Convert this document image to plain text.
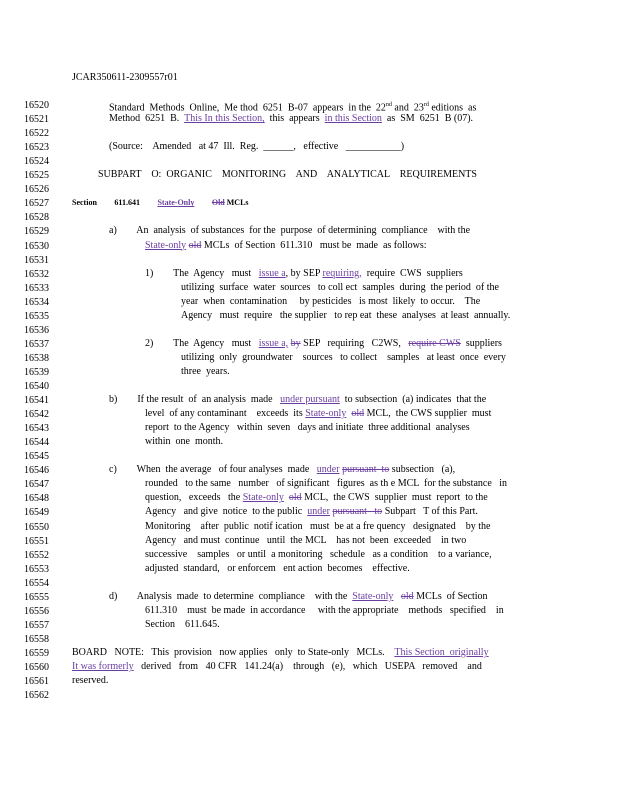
JCAR350611-2309557r01
16520
16521
16522
16523
16524
16525
16526
16527
16528
16529
16530
16531
16532
16533
16534
16535
16536
16537
16538
16539
16540
16541
16542
16543
16544
16545
16546
16547
16548
16549
16550
16551
16552
16553
16554
16555
16556
16557
16558
16559
16560
16561
16562
Standard  Methods  Online,  Me thod  6251  B-07  appears  in the  22nd and  23rd editions  as
Method  6251  B.  This In this Section,  this  appears  in this Section  as  SM  6251  B (07).
(Source:    Amended   at 47  Ill.  Reg.  ______,   effective   ___________)
SUBPART    O:  ORGANIC    MONITORING    AND    ANALYTICAL    REQUIREMENTS
Section 611.641 State-Only Old MCLs
a)        An  analysis  of substances  for the  purpose  of determining  compliance    with the
State-only old MCLs  of Section  611.310   must be  made  as follows:
1)        The  Agency   must   issue a, by SEP requiring,  require  CWS  suppliers
utilizing  surface  water  sources   to coll ect  samples  during  the period  of the
year  when  contamination     by pesticides   is most  likely  to occur.    The
Agency   must  require   the supplier   to rep eat  these  analyses  at least  annually.
2)        The  Agency   must   issue a, by SEP   requiring   C2WS,   require CWS  suppliers
utilizing  only  groundwater    sources   to collect    samples   at least  once  every
three  years.
b)        If the result  of  an analysis  made   under pursuant  to subsection  (a) indicates  that the
level  of any contaminant    exceeds  its State-only old MCL,  the CWS supplier  must
report  to the Agency   within  seven   days and initiate  three additional  analyses
within  one  month.
c)        When  the average   of four analyses  made   under pursuant  to subsection   (a),
rounded   to the same   number   of significant   figures  as th e MCL  for the substance   in
question,   exceeds   the State-only old MCL,  the CWS  supplier  must  report  to the
Agency   and give  notice  to the public  under pursuant   to Subpart   T of this Part.
Monitoring    after  public  notif ication   must  be at a fre quency   designated    by the
Agency   and must  continue   until  the MCL    has not  been  exceeded    in two
successive    samples   or until  a monitoring   schedule   as a condition    to a variance,
adjusted  standard,   or enforcem   ent action  becomes    effective.
d)        Analysis  made  to determine  compliance    with the  State-only old MCLs  of Section
611.310    must  be made  in accordance     with the appropriate    methods   specified    in
Section    611.645.
BOARD   NOTE:   This  provision   now applies   only  to State-only   MCLs.    This Section  originally
It was formerly   derived   from   40 CFR   141.24(a)    through   (e),   which   USEPA   removed    and
reserved.
